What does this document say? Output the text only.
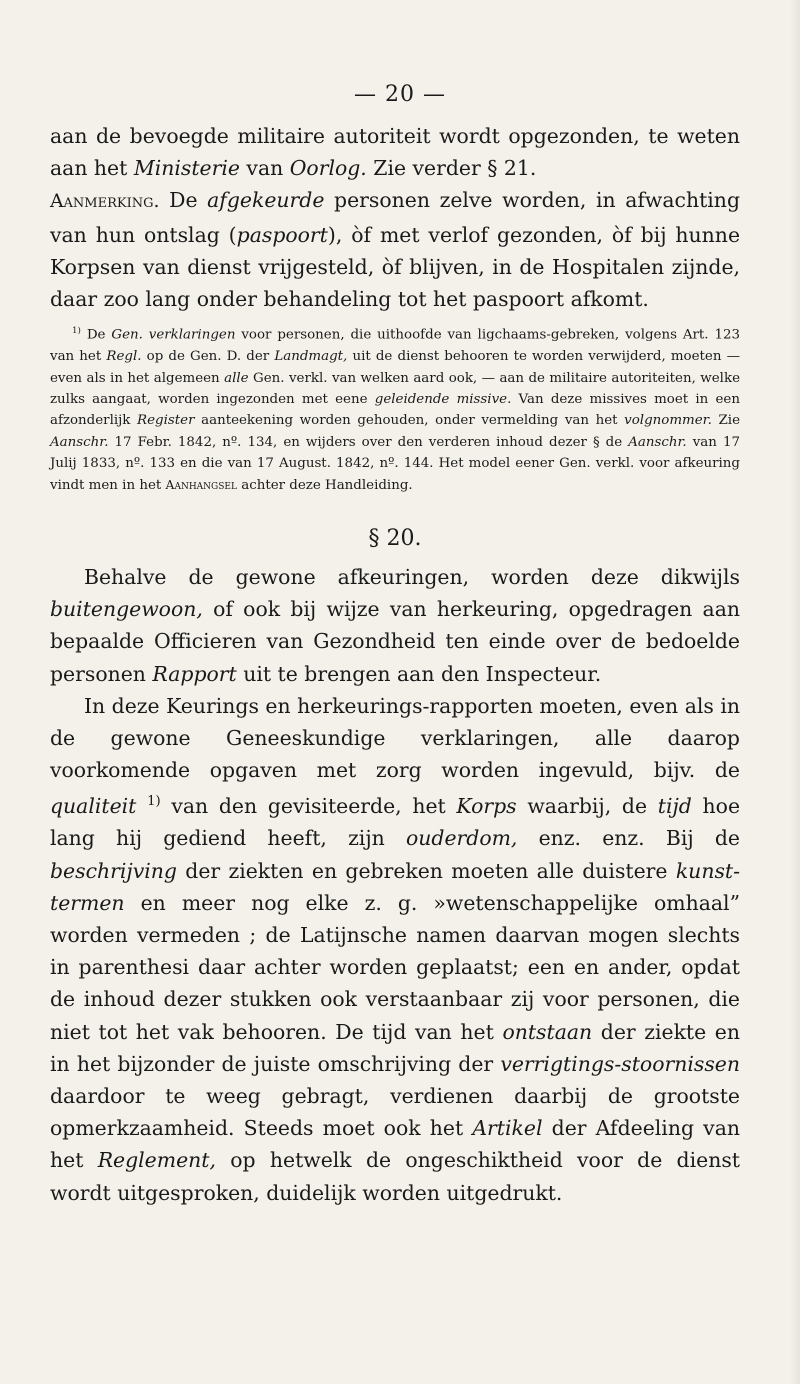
— 20 —

aan de bevoegde militaire autoriteit wordt opgezonden, te weten aan het Ministerie van Oorlog. Zie verder § 21.

Aanmerking. De afgekeurde personen zelve worden, in afwachting van hun ontslag (paspoort), òf met verlof gezonden, òf bij hunne Korpsen van dienst vrijgesteld, òf blijven, in de Hospitalen zijnde, daar zoo lang onder behandeling tot het paspoort afkomt.

$^{1)}$ De Gen. verklaringen voor personen, die uithoofde van ligchaams-gebreken, volgens Art. 123 van het Regl. op de Gen. D. der Landmagt, uit de dienst behooren te worden verwijderd, moeten — even als in het algemeen alle Gen. verkl. van welken aard ook, — aan de militaire autoriteiten, welke zulks aangaat, worden ingezonden met eene geleidende missive. Van deze missives moet in een afzonderlijk Register aanteekening worden gehouden, onder vermelding van het volgnommer. Zie Aanschr. 17 Febr. 1842, nº. 134, en wijders over den verderen inhoud dezer § de Aanschr. van 17 Julij 1833, nº. 133 en die van 17 August. 1842, nº. 144. Het model eener Gen. verkl. voor afkeuring vindt men in het Aanhangsel achter deze Handleiding.

§ 20.

Behalve de gewone afkeuringen, worden deze dikwijls buitengewoon, of ook bij wijze van herkeuring, opgedragen aan bepaalde Officieren van Gezondheid ten einde over de bedoelde personen Rapport uit te brengen aan den Inspecteur.

In deze Keurings en herkeurings-rapporten moeten, even als in de gewone Geneeskundige verklaringen, alle daarop voorkomende opgaven met zorg worden ingevuld, bijv. de qualiteit $^{1)}$ van den gevisiteerde, het Korps waarbij, de tijd hoe lang hij gediend heeft, zijn ouderdom, enz. enz. Bij de beschrijving der ziekten en gebreken moeten alle duistere kunst-termen en meer nog elke z. g. »wetenschappelijke omhaal” worden vermeden ; de Latijnsche namen daarvan mogen slechts in parenthesi daar achter worden geplaatst; een en ander, opdat de inhoud dezer stukken ook verstaanbaar zij voor personen, die niet tot het vak behooren. De tijd van het ontstaan der ziekte en in het bijzonder de juiste omschrijving der verrigtings-stoornissen daardoor te weeg gebragt, verdienen daarbij de grootste opmerkzaamheid. Steeds moet ook het Artikel der Afdeeling van het Reglement, op hetwelk de ongeschiktheid voor de dienst wordt uitgesproken, duidelijk worden uitgedrukt.
